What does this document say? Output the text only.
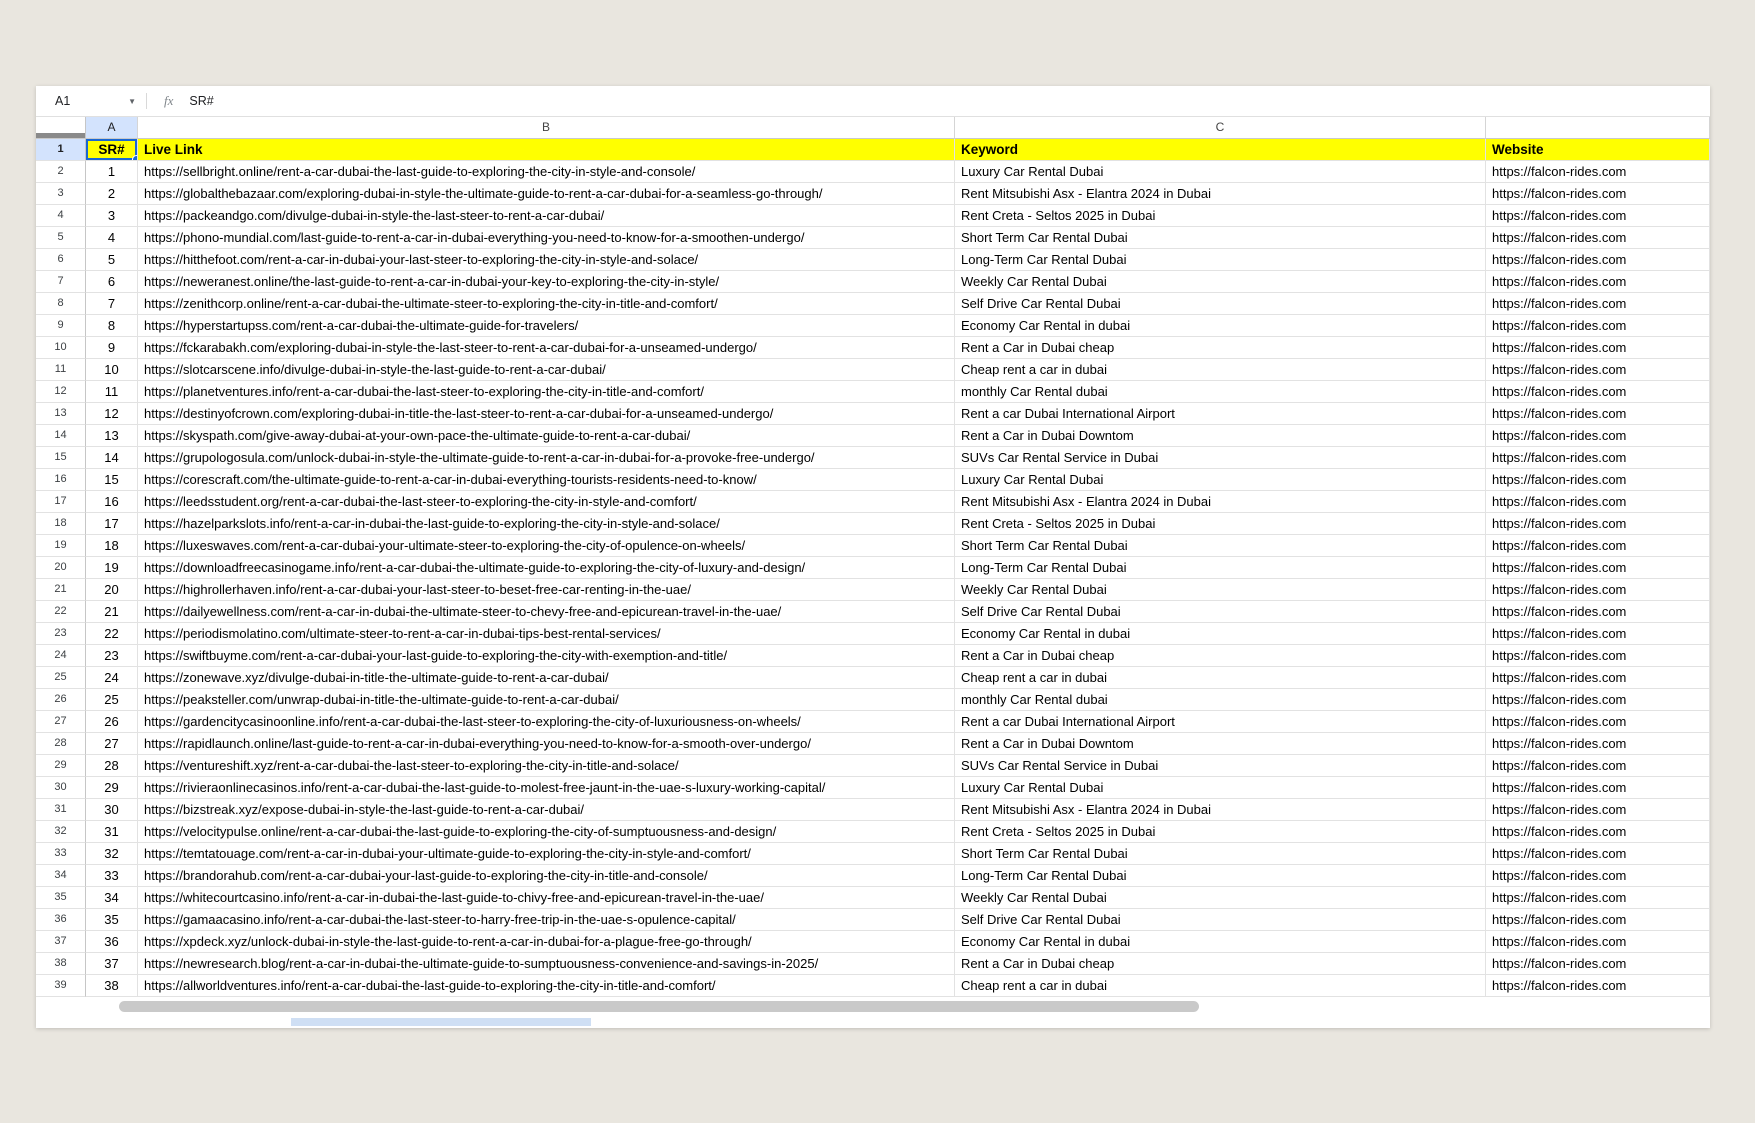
A1	▼ fx SR#
A	B	C
1	SR#	Live Link	Keyword	Website
2	1	https://sellbright.online/rent-a-car-dubai-the-last-guide-to-exploring-the-city-in-style-and-console/	Luxury Car Rental Dubai	https://falcon-rides.com
3	2	https://globalthebazaar.com/exploring-dubai-in-style-the-ultimate-guide-to-rent-a-car-dubai-for-a-seamless-go-through/	Rent Mitsubishi Asx - Elantra 2024 in Dubai	https://falcon-rides.com
4	3	https://packeandgo.com/divulge-dubai-in-style-the-last-steer-to-rent-a-car-dubai/	Rent Creta - Seltos 2025 in Dubai	https://falcon-rides.com
5	4	https://phono-mundial.com/last-guide-to-rent-a-car-in-dubai-everything-you-need-to-know-for-a-smoothen-undergo/	Short Term Car Rental Dubai	https://falcon-rides.com
6	5	https://hitthefoot.com/rent-a-car-in-dubai-your-last-steer-to-exploring-the-city-in-style-and-solace/	Long-Term Car Rental Dubai	https://falcon-rides.com
7	6	https://neweranest.online/the-last-guide-to-rent-a-car-in-dubai-your-key-to-exploring-the-city-in-style/	Weekly Car Rental Dubai	https://falcon-rides.com
8	7	https://zenithcorp.online/rent-a-car-dubai-the-ultimate-steer-to-exploring-the-city-in-title-and-comfort/	Self Drive Car Rental Dubai	https://falcon-rides.com
9	8	https://hyperstartupss.com/rent-a-car-dubai-the-ultimate-guide-for-travelers/	Economy Car Rental in dubai	https://falcon-rides.com
10	9	https://fckarabakh.com/exploring-dubai-in-style-the-last-steer-to-rent-a-car-dubai-for-a-unseamed-undergo/	Rent a Car in Dubai cheap	https://falcon-rides.com
11	10	https://slotcarscene.info/divulge-dubai-in-style-the-last-guide-to-rent-a-car-dubai/	Cheap rent a car in dubai	https://falcon-rides.com
12	11	https://planetventures.info/rent-a-car-dubai-the-last-steer-to-exploring-the-city-in-title-and-comfort/	monthly Car Rental dubai	https://falcon-rides.com
13	12	https://destinyofcrown.com/exploring-dubai-in-title-the-last-steer-to-rent-a-car-dubai-for-a-unseamed-undergo/	Rent a car Dubai International Airport	https://falcon-rides.com
14	13	https://skyspath.com/give-away-dubai-at-your-own-pace-the-ultimate-guide-to-rent-a-car-dubai/	Rent a Car in Dubai Downtom	https://falcon-rides.com
15	14	https://grupologosula.com/unlock-dubai-in-style-the-ultimate-guide-to-rent-a-car-in-dubai-for-a-provoke-free-undergo/	SUVs Car Rental Service in Dubai	https://falcon-rides.com
16	15	https://corescraft.com/the-ultimate-guide-to-rent-a-car-in-dubai-everything-tourists-residents-need-to-know/	Luxury Car Rental Dubai	https://falcon-rides.com
17	16	https://leedsstudent.org/rent-a-car-dubai-the-last-steer-to-exploring-the-city-in-style-and-comfort/	Rent Mitsubishi Asx - Elantra 2024 in Dubai	https://falcon-rides.com
18	17	https://hazelparkslots.info/rent-a-car-in-dubai-the-last-guide-to-exploring-the-city-in-style-and-solace/	Rent Creta - Seltos 2025 in Dubai	https://falcon-rides.com
19	18	https://luxeswaves.com/rent-a-car-dubai-your-ultimate-steer-to-exploring-the-city-of-opulence-on-wheels/	Short Term Car Rental Dubai	https://falcon-rides.com
20	19	https://downloadfreecasinogame.info/rent-a-car-dubai-the-ultimate-guide-to-exploring-the-city-of-luxury-and-design/	Long-Term Car Rental Dubai	https://falcon-rides.com
21	20	https://highrollerhaven.info/rent-a-car-dubai-your-last-steer-to-beset-free-car-renting-in-the-uae/	Weekly Car Rental Dubai	https://falcon-rides.com
22	21	https://dailyewellness.com/rent-a-car-in-dubai-the-ultimate-steer-to-chevy-free-and-epicurean-travel-in-the-uae/	Self Drive Car Rental Dubai	https://falcon-rides.com
23	22	https://periodismolatino.com/ultimate-steer-to-rent-a-car-in-dubai-tips-best-rental-services/	Economy Car Rental in dubai	https://falcon-rides.com
24	23	https://swiftbuyme.com/rent-a-car-dubai-your-last-guide-to-exploring-the-city-with-exemption-and-title/	Rent a Car in Dubai cheap	https://falcon-rides.com
25	24	https://zonewave.xyz/divulge-dubai-in-title-the-ultimate-guide-to-rent-a-car-dubai/	Cheap rent a car in dubai	https://falcon-rides.com
26	25	https://peaksteller.com/unwrap-dubai-in-title-the-ultimate-guide-to-rent-a-car-dubai/	monthly Car Rental dubai	https://falcon-rides.com
27	26	https://gardencitycasinoonline.info/rent-a-car-dubai-the-last-steer-to-exploring-the-city-of-luxuriousness-on-wheels/	Rent a car Dubai International Airport	https://falcon-rides.com
28	27	https://rapidlaunch.online/last-guide-to-rent-a-car-in-dubai-everything-you-need-to-know-for-a-smooth-over-undergo/	Rent a Car in Dubai Downtom	https://falcon-rides.com
29	28	https://ventureshift.xyz/rent-a-car-dubai-the-last-steer-to-exploring-the-city-in-title-and-solace/	SUVs Car Rental Service in Dubai	https://falcon-rides.com
30	29	https://rivieraonlinecasinos.info/rent-a-car-dubai-the-last-guide-to-molest-free-jaunt-in-the-uae-s-luxury-working-capital/	Luxury Car Rental Dubai	https://falcon-rides.com
31	30	https://bizstreak.xyz/expose-dubai-in-style-the-last-guide-to-rent-a-car-dubai/	Rent Mitsubishi Asx - Elantra 2024 in Dubai	https://falcon-rides.com
32	31	https://velocitypulse.online/rent-a-car-dubai-the-last-guide-to-exploring-the-city-of-sumptuousness-and-design/	Rent Creta - Seltos 2025 in Dubai	https://falcon-rides.com
33	32	https://temtatouage.com/rent-a-car-in-dubai-your-ultimate-guide-to-exploring-the-city-in-style-and-comfort/	Short Term Car Rental Dubai	https://falcon-rides.com
34	33	https://brandorahub.com/rent-a-car-dubai-your-last-guide-to-exploring-the-city-in-title-and-console/	Long-Term Car Rental Dubai	https://falcon-rides.com
35	34	https://whitecourtcasino.info/rent-a-car-in-dubai-the-last-guide-to-chivy-free-and-epicurean-travel-in-the-uae/	Weekly Car Rental Dubai	https://falcon-rides.com
36	35	https://gamaacasino.info/rent-a-car-dubai-the-last-steer-to-harry-free-trip-in-the-uae-s-opulence-capital/	Self Drive Car Rental Dubai	https://falcon-rides.com
37	36	https://xpdeck.xyz/unlock-dubai-in-style-the-last-guide-to-rent-a-car-in-dubai-for-a-plague-free-go-through/	Economy Car Rental in dubai	https://falcon-rides.com
38	37	https://newresearch.blog/rent-a-car-in-dubai-the-ultimate-guide-to-sumptuousness-convenience-and-savings-in-2025/	Rent a Car in Dubai cheap	https://falcon-rides.com
39	38	https://allworldventures.info/rent-a-car-dubai-the-last-guide-to-exploring-the-city-in-title-and-comfort/	Cheap rent a car in dubai	https://falcon-rides.com
